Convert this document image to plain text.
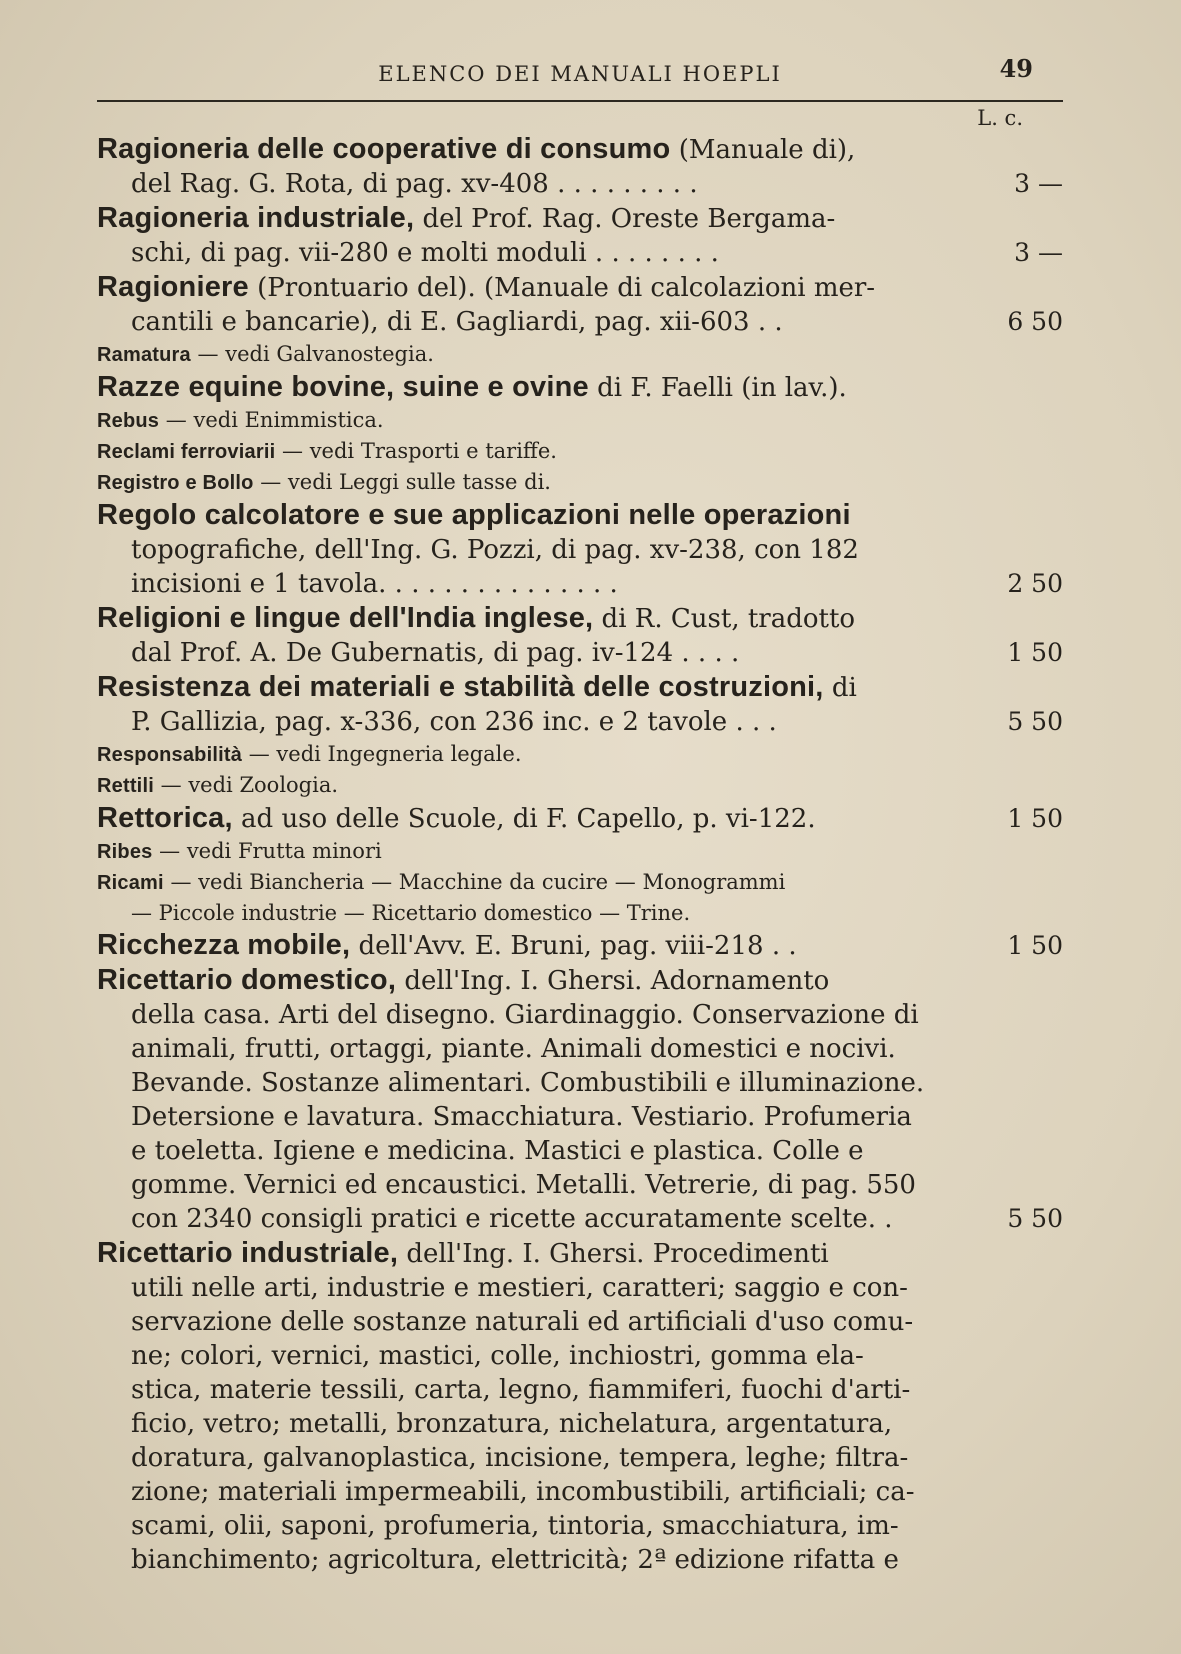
ELENCO DEI MANUALI HOEPLI	49
L. c.
Ragioneria delle cooperative di consumo (Manuale di),
del Rag. G. Rota, di pag. xv-408 . . . . . . . . .	3 —
Ragioneria industriale, del Prof. Rag. Oreste Bergama-
schi, di pag. vii-280 e molti moduli . . . . . . . .	3 —
Ragioniere (Prontuario del). (Manuale di calcolazioni mer-
cantili e bancarie), di E. Gagliardi, pag. xii-603 . .	6 50
Ramatura — vedi Galvanostegia.
Razze equine bovine, suine e ovine di F. Faelli (in lav.).
Rebus — vedi Enimmistica.
Reclami ferroviarii — vedi Trasporti e tariffe.
Registro e Bollo — vedi Leggi sulle tasse di.
Regolo calcolatore e sue applicazioni nelle operazioni
topografiche, dell'Ing. G. Pozzi, di pag. xv-238, con 182
incisioni e 1 tavola. . . . . . . . . . . . . . .	2 50
Religioni e lingue dell'India inglese, di R. Cust, tradotto
dal Prof. A. De Gubernatis, di pag. iv-124 . . . .	1 50
Resistenza dei materiali e stabilità delle costruzioni, di
P. Gallizia, pag. x-336, con 236 inc. e 2 tavole . . .	5 50
Responsabilità — vedi Ingegneria legale.
Rettili — vedi Zoologia.
Rettorica, ad uso delle Scuole, di F. Capello, p. vi-122.	1 50
Ribes — vedi Frutta minori
Ricami — vedi Biancheria — Macchine da cucire — Monogrammi
— Piccole industrie — Ricettario domestico — Trine.
Ricchezza mobile, dell'Avv. E. Bruni, pag. viii-218 . .	1 50
Ricettario domestico, dell'Ing. I. Ghersi. Adornamento
della casa. Arti del disegno. Giardinaggio. Conservazione di
animali, frutti, ortaggi, piante. Animali domestici e nocivi.
Bevande. Sostanze alimentari. Combustibili e illuminazione.
Detersione e lavatura. Smacchiatura. Vestiario. Profumeria
e toeletta. Igiene e medicina. Mastici e plastica. Colle e
gomme. Vernici ed encaustici. Metalli. Vetrerie, di pag. 550
con 2340 consigli pratici e ricette accuratamente scelte. .	5 50
Ricettario industriale, dell'Ing. I. Ghersi. Procedimenti
utili nelle arti, industrie e mestieri, caratteri; saggio e con-
servazione delle sostanze naturali ed artificiali d'uso comu-
ne; colori, vernici, mastici, colle, inchiostri, gomma ela-
stica, materie tessili, carta, legno, fiammiferi, fuochi d'arti-
ficio, vetro; metalli, bronzatura, nichelatura, argentatura,
doratura, galvanoplastica, incisione, tempera, leghe; filtra-
zione; materiali impermeabili, incombustibili, artificiali; ca-
scami, olii, saponi, profumeria, tintoria, smacchiatura, im-
bianchimento; agricoltura, elettricità; 2ª edizione rifatta e
